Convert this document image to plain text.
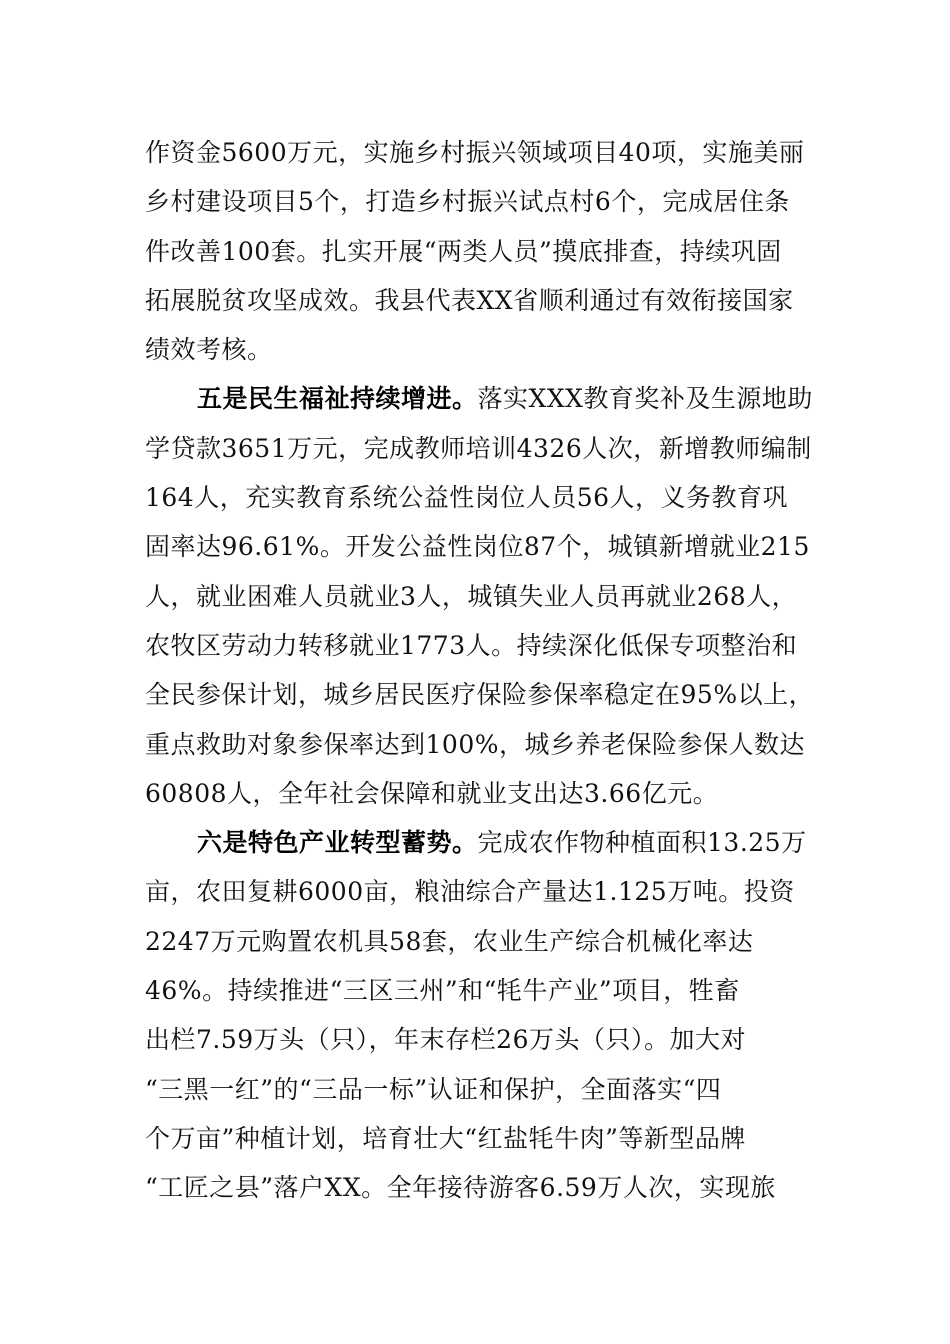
作资金5600万元，实施乡村振兴领域项目40项，实施美丽
乡村建设项目5个，打造乡村振兴试点村6个，完成居住条
件改善100套。扎实开展“两类人员”摸底排查，持续巩固
拓展脱贫攻坚成效。我县代表XX省顺利通过有效衔接国家
绩效考核。
五是民生福祉持续增进。落实XXX教育奖补及生源地助
学贷款3651万元，完成教师培训4326人次，新增教师编制
164人，充实教育系统公益性岗位人员56人，义务教育巩
固率达96.61%。开发公益性岗位87个，城镇新增就业215
人，就业困难人员就业3人，城镇失业人员再就业268人，
农牧区劳动力转移就业1773人。持续深化低保专项整治和
全民参保计划，城乡居民医疗保险参保率稳定在95%以上，
重点救助对象参保率达到100%，城乡养老保险参保人数达
60808人，全年社会保障和就业支出达3.66亿元。
六是特色产业转型蓄势。完成农作物种植面积13.25万
亩，农田复耕6000亩，粮油综合产量达1.125万吨。投资
2247万元购置农机具58套，农业生产综合机械化率达
46%。持续推进“三区三州”和“牦牛产业”项目，牲畜
出栏7.59万头（只），年末存栏26万头（只）。加大对
“三黑一红”的“三品一标”认证和保护，全面落实“四
个万亩”种植计划，培育壮大“红盐牦牛肉”等新型品牌
“工匠之县”落户XX。全年接待游客6.59万人次，实现旅
